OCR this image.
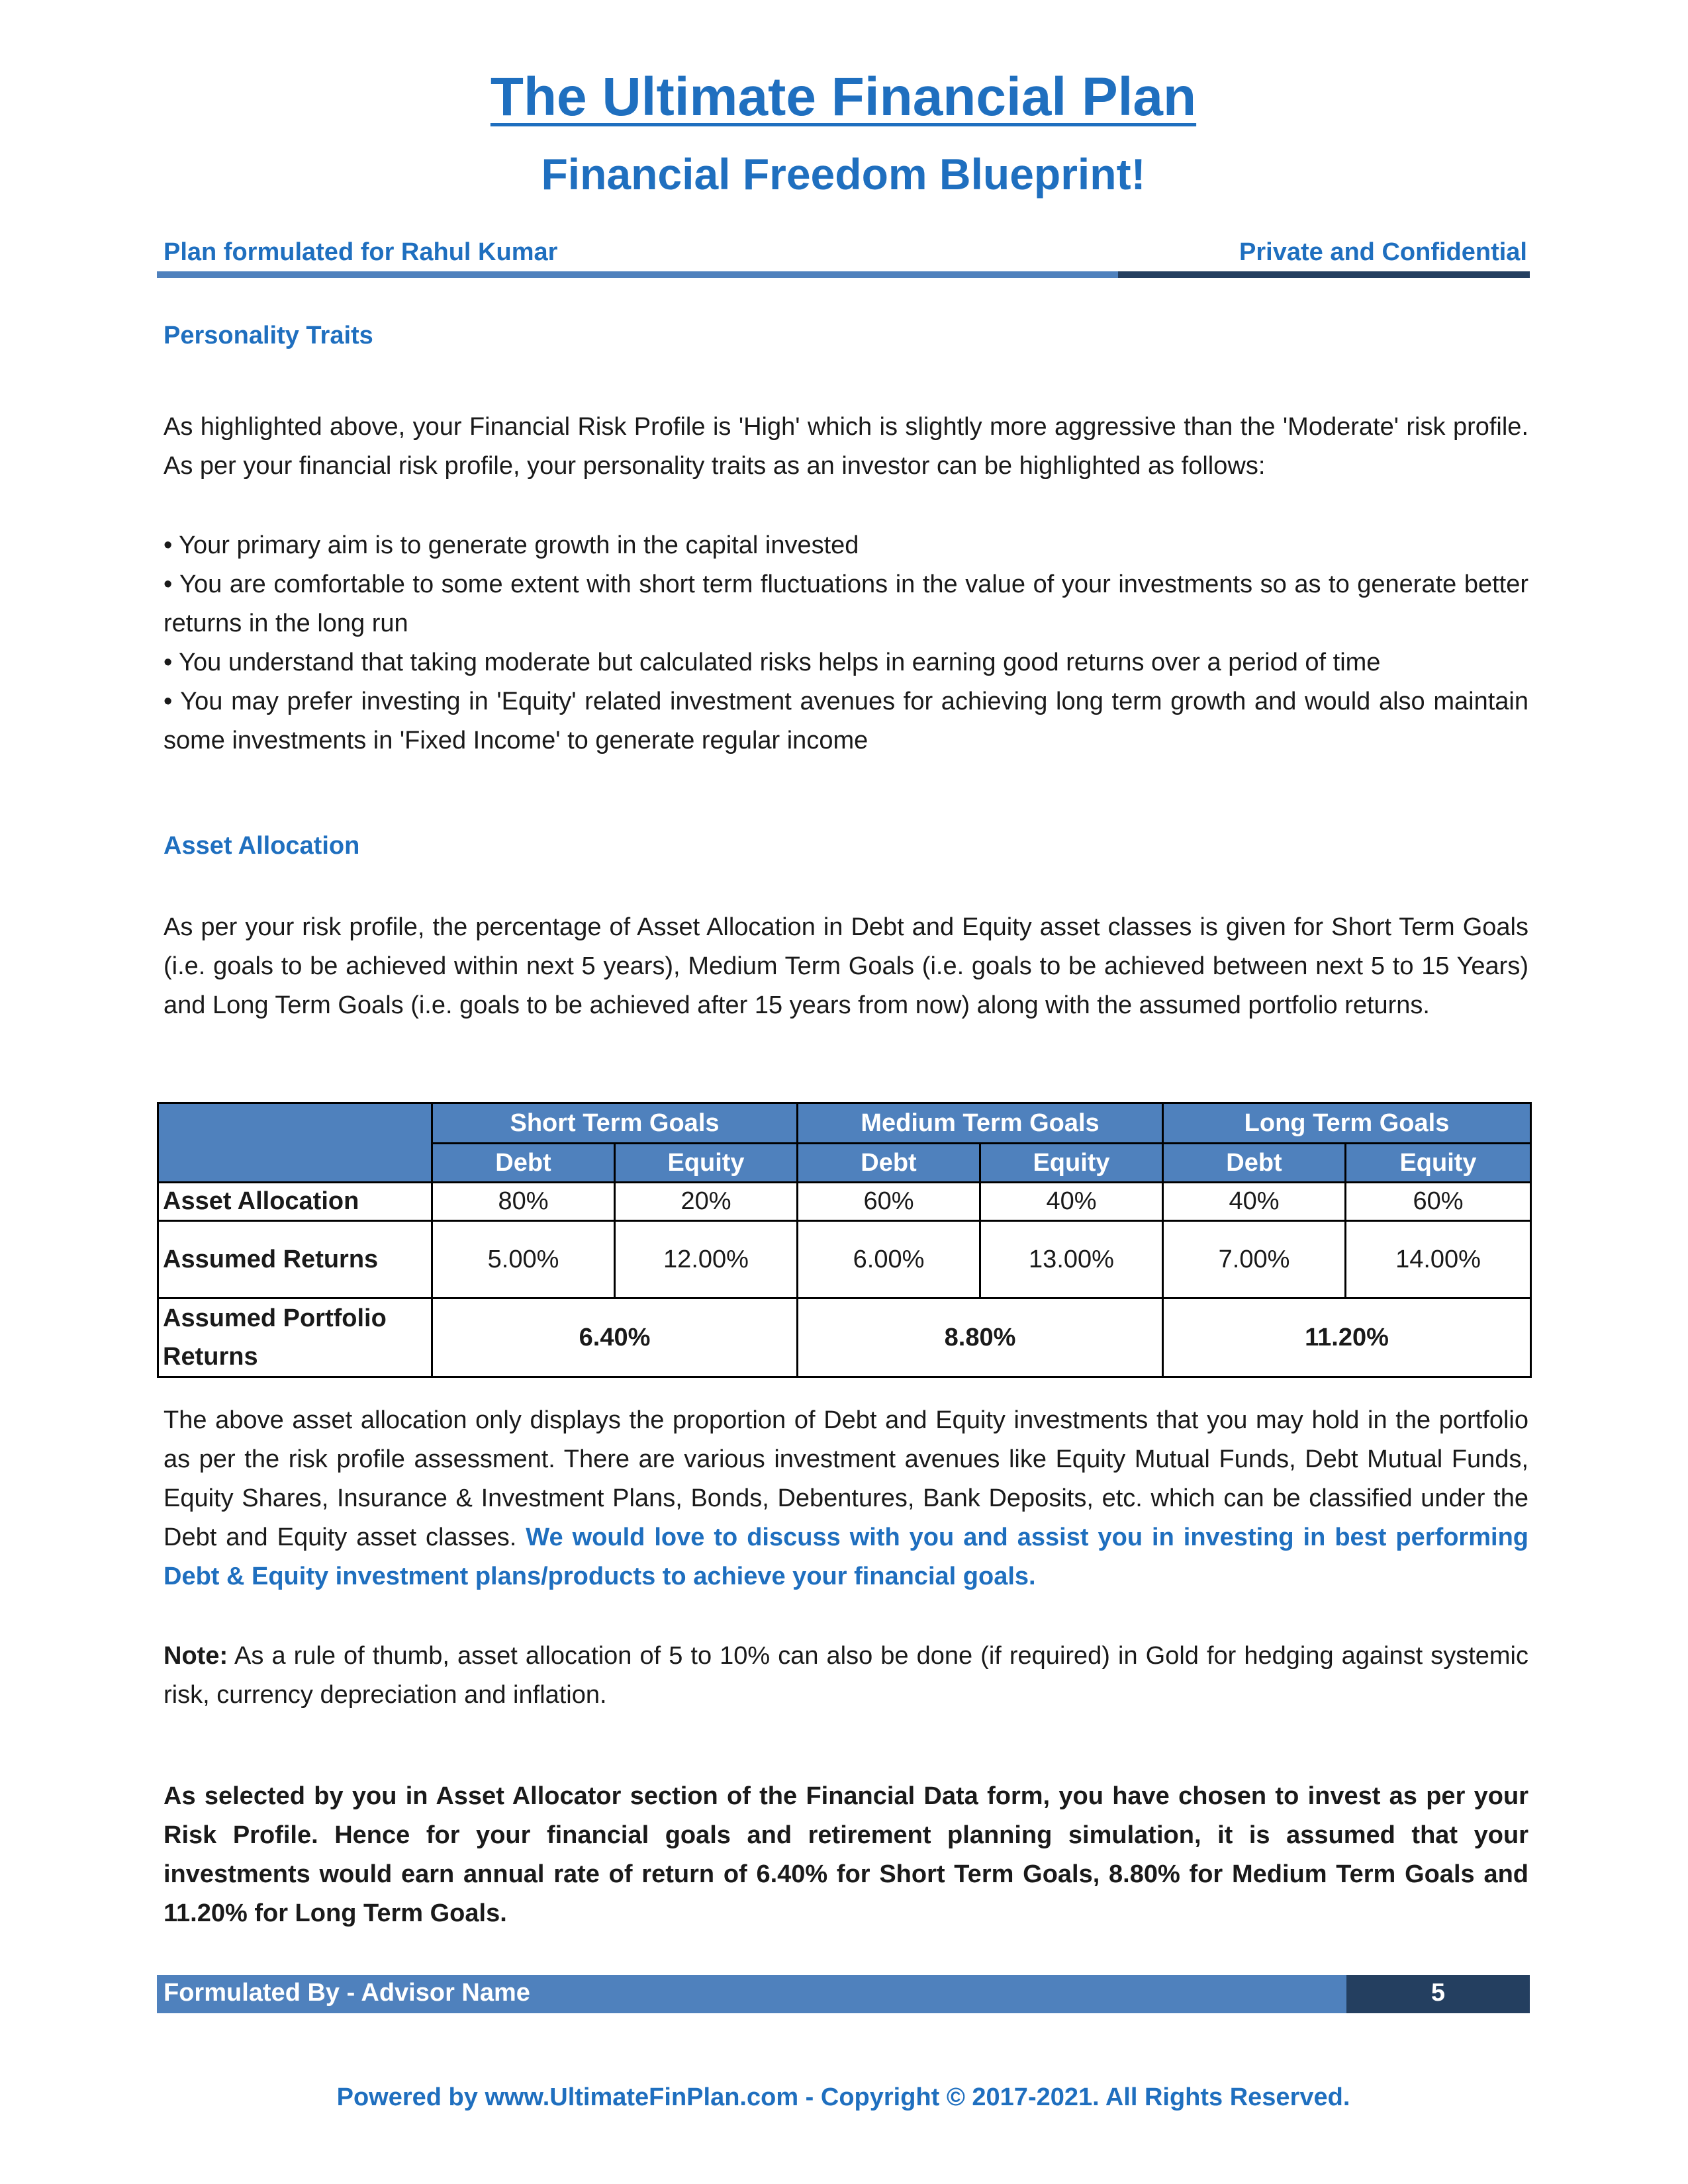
The Ultimate Financial Plan
Financial Freedom Blueprint!
Plan formulated for Rahul Kumar	Private and Confidential
Personality Traits

As highlighted above, your Financial Risk Profile is 'High' which is slightly more aggressive than the 'Moderate' risk profile. As per your financial risk profile, your personality traits as an investor can be highlighted as follows:

• Your primary aim is to generate growth in the capital invested
• You are comfortable to some extent with short term fluctuations in the value of your investments so as to generate better returns in the long run
• You understand that taking moderate but calculated risks helps in earning good returns over a period of time
• You may prefer investing in 'Equity' related investment avenues for achieving long term growth and would also maintain some investments in 'Fixed Income' to generate regular income
Asset Allocation

As per your risk profile, the percentage of Asset Allocation in Debt and Equity asset classes is given for Short Term Goals (i.e. goals to be achieved within next 5 years), Medium Term Goals (i.e. goals to be achieved between next 5 to 15 Years) and Long Term Goals (i.e. goals to be achieved after 15 years from now) along with the assumed portfolio returns.

	Short Term Goals		Medium Term Goals		Long Term Goals	
	Debt	Equity	Debt	Equity	Debt	Equity
Asset Allocation	80%	20%	60%	40%	40%	60%
Assumed Returns	5.00%	12.00%	6.00%	13.00%	7.00%	14.00%
Assumed Portfolio Returns	6.40%		8.80%		11.20%	

The above asset allocation only displays the proportion of Debt and Equity investments that you may hold in the portfolio as per the risk profile assessment. There are various investment avenues like Equity Mutual Funds, Debt Mutual Funds, Equity Shares, Insurance & Investment Plans, Bonds, Debentures, Bank Deposits, etc. which can be classified under the Debt and Equity asset classes. We would love to discuss with you and assist you in investing in best performing Debt & Equity investment plans/products to achieve your financial goals.

Note: As a rule of thumb, asset allocation of 5 to 10% can also be done (if required) in Gold for hedging against systemic risk, currency depreciation and inflation.

As selected by you in Asset Allocator section of the Financial Data form, you have chosen to invest as per your Risk Profile. Hence for your financial goals and retirement planning simulation, it is assumed that your investments would earn annual rate of return of 6.40% for Short Term Goals, 8.80% for Medium Term Goals and 11.20% for Long Term Goals.

Formulated By - Advisor Name	5
Powered by www.UltimateFinPlan.com - Copyright © 2017-2021. All Rights Reserved.
